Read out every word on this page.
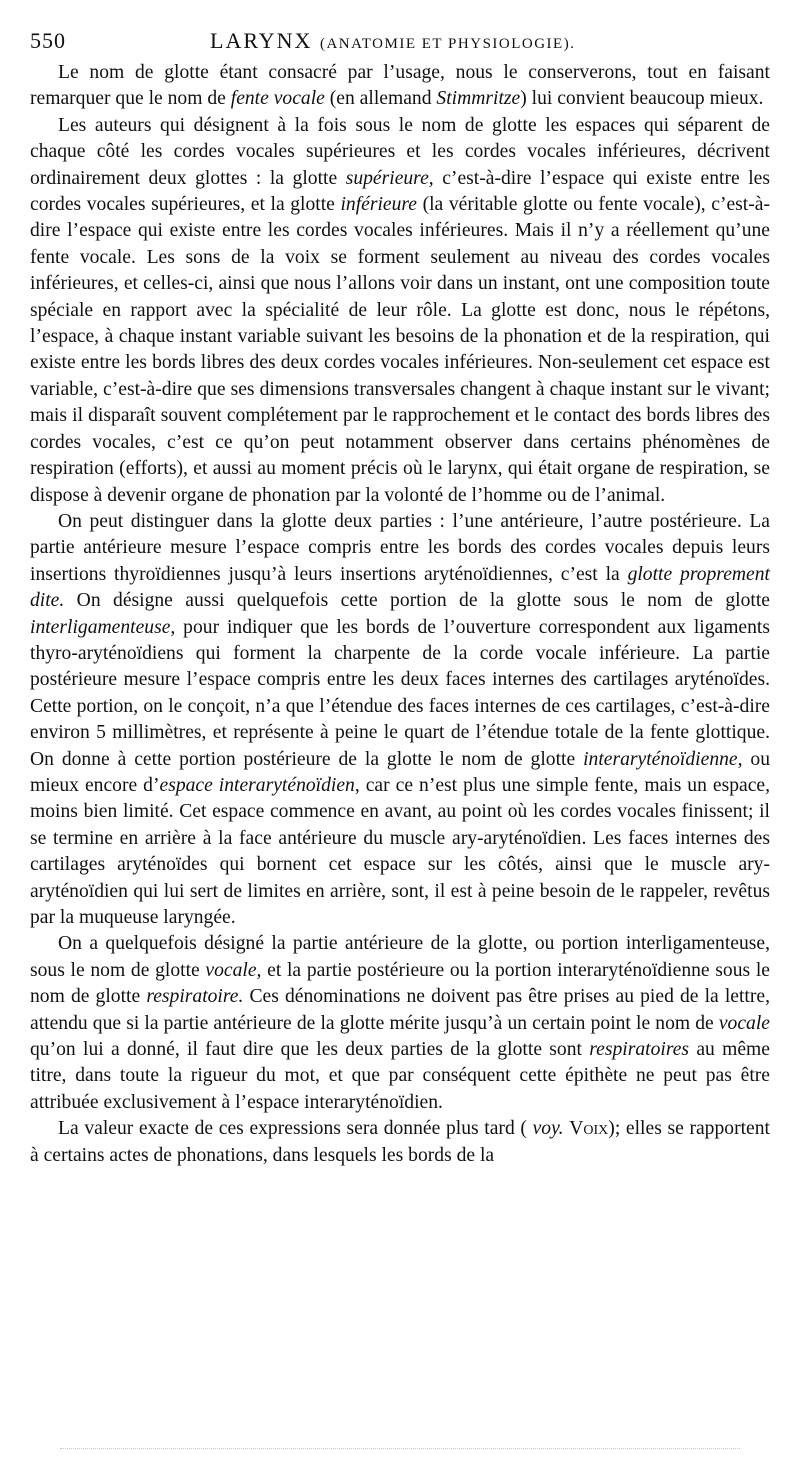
550	LARYNX (ANATOMIE ET PHYSIOLOGIE).

Le nom de glotte étant consacré par l’usage, nous le conserverons, tout en faisant remarquer que le nom de fente vocale (en allemand Stimmritze) lui convient beaucoup mieux.

Les auteurs qui désignent à la fois sous le nom de glotte les espaces qui séparent de chaque côté les cordes vocales supérieures et les cordes vocales inférieures, décrivent ordinairement deux glottes : la glotte supérieure, c’est-à-dire l’espace qui existe entre les cordes vocales supérieures, et la glotte inférieure (la véritable glotte ou fente vocale), c’est-à-dire l’espace qui existe entre les cordes vocales inférieures. Mais il n’y a réellement qu’une fente vocale. Les sons de la voix se forment seulement au niveau des cordes vocales inférieures, et celles-ci, ainsi que nous l’allons voir dans un instant, ont une composition toute spéciale en rapport avec la spécialité de leur rôle. La glotte est donc, nous le répétons, l’espace, à chaque instant variable suivant les besoins de la phonation et de la respiration, qui existe entre les bords libres des deux cordes vocales inférieures. Non-seulement cet espace est variable, c’est-à-dire que ses dimensions transversales changent à chaque instant sur le vivant; mais il disparaît souvent complétement par le rapprochement et le contact des bords libres des cordes vocales, c’est ce qu’on peut notamment observer dans certains phénomènes de respiration (efforts), et aussi au moment précis où le larynx, qui était organe de respiration, se dispose à devenir organe de phonation par la volonté de l’homme ou de l’animal.

On peut distinguer dans la glotte deux parties : l’une antérieure, l’autre postérieure. La partie antérieure mesure l’espace compris entre les bords des cordes vocales depuis leurs insertions thyroïdiennes jusqu’à leurs insertions aryténoïdiennes, c’est la glotte proprement dite. On désigne aussi quelquefois cette portion de la glotte sous le nom de glotte interligamenteuse, pour indiquer que les bords de l’ouverture correspondent aux ligaments thyro-aryténoïdiens qui forment la charpente de la corde vocale inférieure. La partie postérieure mesure l’espace compris entre les deux faces internes des cartilages aryténoïdes. Cette portion, on le conçoit, n’a que l’étendue des faces internes de ces cartilages, c’est-à-dire environ 5 millimètres, et représente à peine le quart de l’étendue totale de la fente glottique. On donne à cette portion postérieure de la glotte le nom de glotte interaryténoïdienne, ou mieux encore d’espace interaryténoïdien, car ce n’est plus une simple fente, mais un espace, moins bien limité. Cet espace commence en avant, au point où les cordes vocales finissent; il se termine en arrière à la face antérieure du muscle ary-aryténoïdien. Les faces internes des cartilages aryténoïdes qui bornent cet espace sur les côtés, ainsi que le muscle ary-aryténoïdien qui lui sert de limites en arrière, sont, il est à peine besoin de le rappeler, revêtus par la muqueuse laryngée.

On a quelquefois désigné la partie antérieure de la glotte, ou portion interligamenteuse, sous le nom de glotte vocale, et la partie postérieure ou la portion interaryténoïdienne sous le nom de glotte respiratoire. Ces dénominations ne doivent pas être prises au pied de la lettre, attendu que si la partie antérieure de la glotte mérite jusqu’à un certain point le nom de vocale qu’on lui a donné, il faut dire que les deux parties de la glotte sont respiratoires au même titre, dans toute la rigueur du mot, et que par conséquent cette épithète ne peut pas être attribuée exclusivement à l’espace interaryténoïdien.

La valeur exacte de ces expressions sera donnée plus tard ( voy. Voix); elles se rapportent à certains actes de phonations, dans lesquels les bords de la
